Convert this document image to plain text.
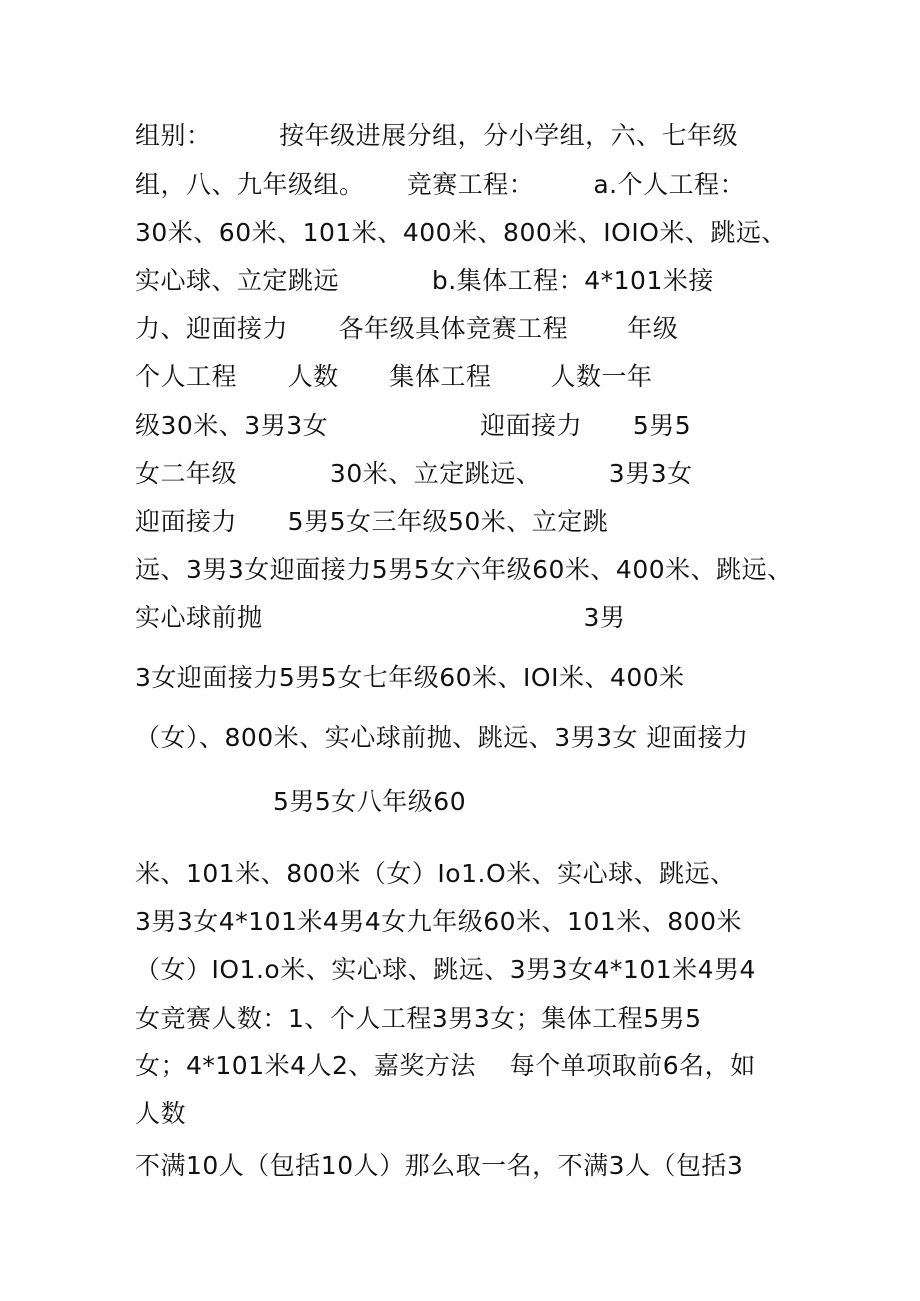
组别：        按年级进展分组，分小学组，六、七年级
组，八、九年级组。     竞赛工程：       a.个人工程：
30米、60米、101米、400米、800米、IOIO米、跳远、
实心球、立定跳远           b.集体工程：4*101米接
力、迎面接力      各年级具体竞赛工程       年级
个人工程      人数      集体工程       人数一年
级30米、3男3女                  迎面接力      5男5
女二年级           30米、立定跳远、        3男3女
迎面接力      5男5女三年级50米、立定跳
远、3男3女迎面接力5男5女六年级60米、400米、跳远、
实心球前抛                                      3男
3女迎面接力5男5女七年级60米、IOI米、400米
（女）、800米、实心球前抛、跳远、3男3女 迎面接力
5男5女八年级60
米、101米、800米（女）Io1.O米、实心球、跳远、
3男3女4*101米4男4女九年级60米、101米、800米
（女）IO1.o米、实心球、跳远、3男3女4*101米4男4
女竞赛人数：1、个人工程3男3女；集体工程5男5
女；4*101米4人2、嘉奖方法    每个单项取前6名，如
人数
不满10人（包括10人）那么取一名，不满3人（包括3
